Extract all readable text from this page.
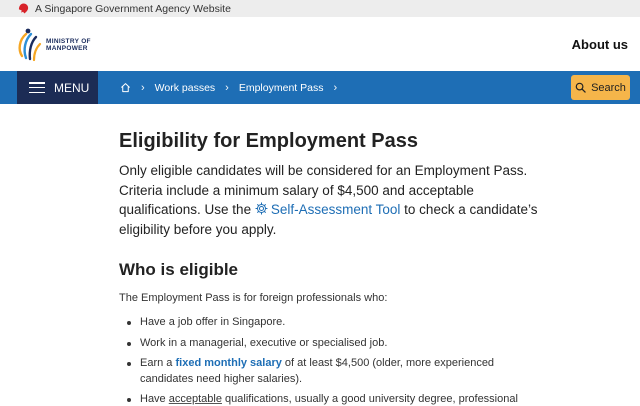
A Singapore Government Agency Website
MINISTRY OF
MANPOWER	About us
MENU	› Work passes › Employment Pass ›	Search
Eligibility for Employment Pass

Only eligible candidates will be considered for an Employment Pass. Criteria include a minimum salary of $4,500 and acceptable qualifications. Use the Self-Assessment Tool to check a candidate’s eligibility before you apply.

Who is eligible

The Employment Pass is for foreign professionals who:

Have a job offer in Singapore.
Work in a managerial, executive or specialised job.
Earn a fixed monthly salary of at least $4,500 (older, more experienced candidates need higher salaries).
Have acceptable qualifications, usually a good university degree, professional
